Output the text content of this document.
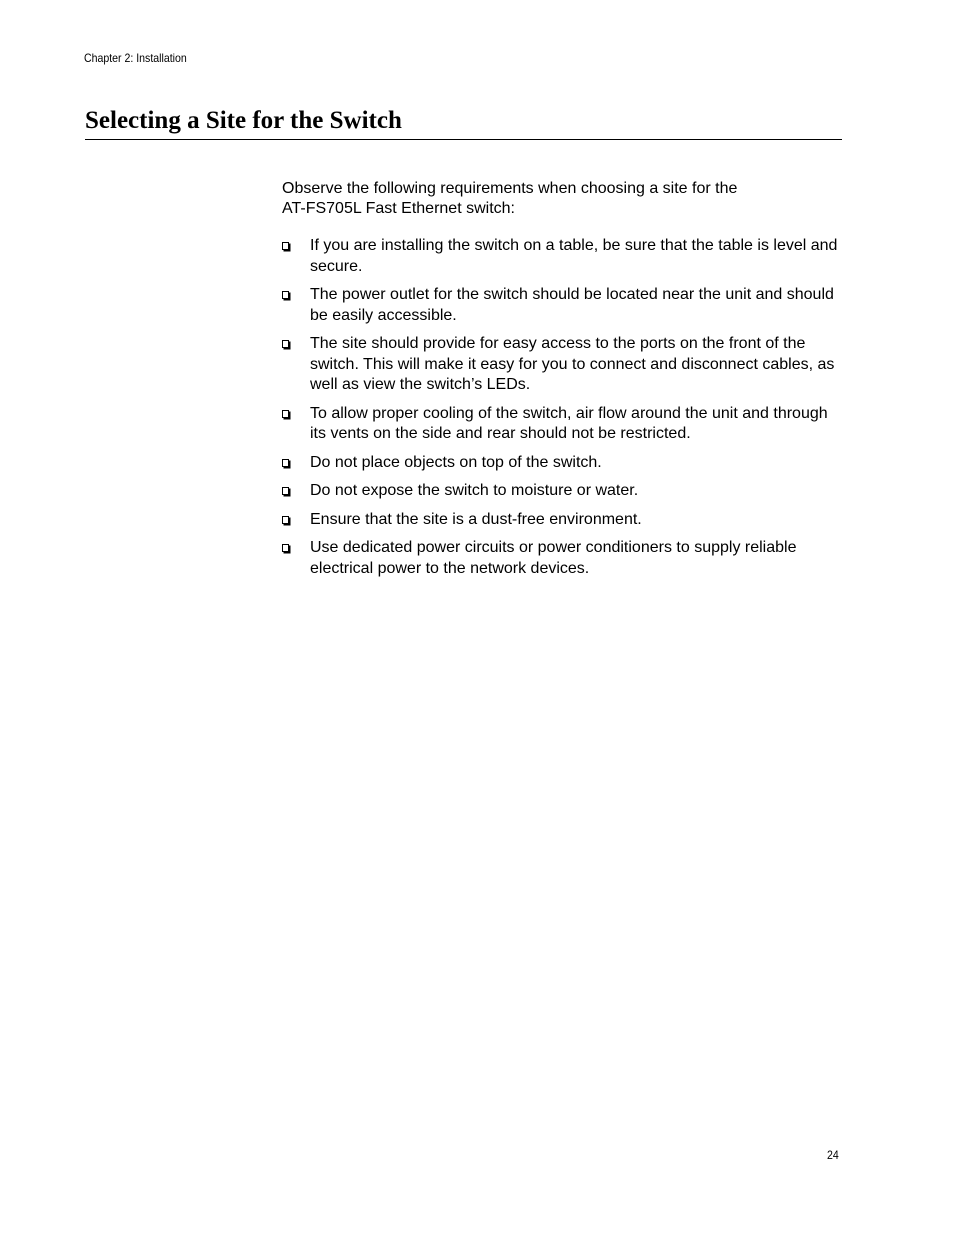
Chapter 2: Installation
Selecting a Site for the Switch

Observe the following requirements when choosing a site for the
AT-FS705L Fast Ethernet switch:

If you are installing the switch on a table, be sure that the table is level and secure.
The power outlet for the switch should be located near the unit and should be easily accessible.
The site should provide for easy access to the ports on the front of the switch. This will make it easy for you to connect and disconnect cables, as well as view the switch’s LEDs.
To allow proper cooling of the switch, air flow around the unit and through its vents on the side and rear should not be restricted.
Do not place objects on top of the switch.
Do not expose the switch to moisture or water.
Ensure that the site is a dust-free environment.
Use dedicated power circuits or power conditioners to supply reliable electrical power to the network devices.
24
